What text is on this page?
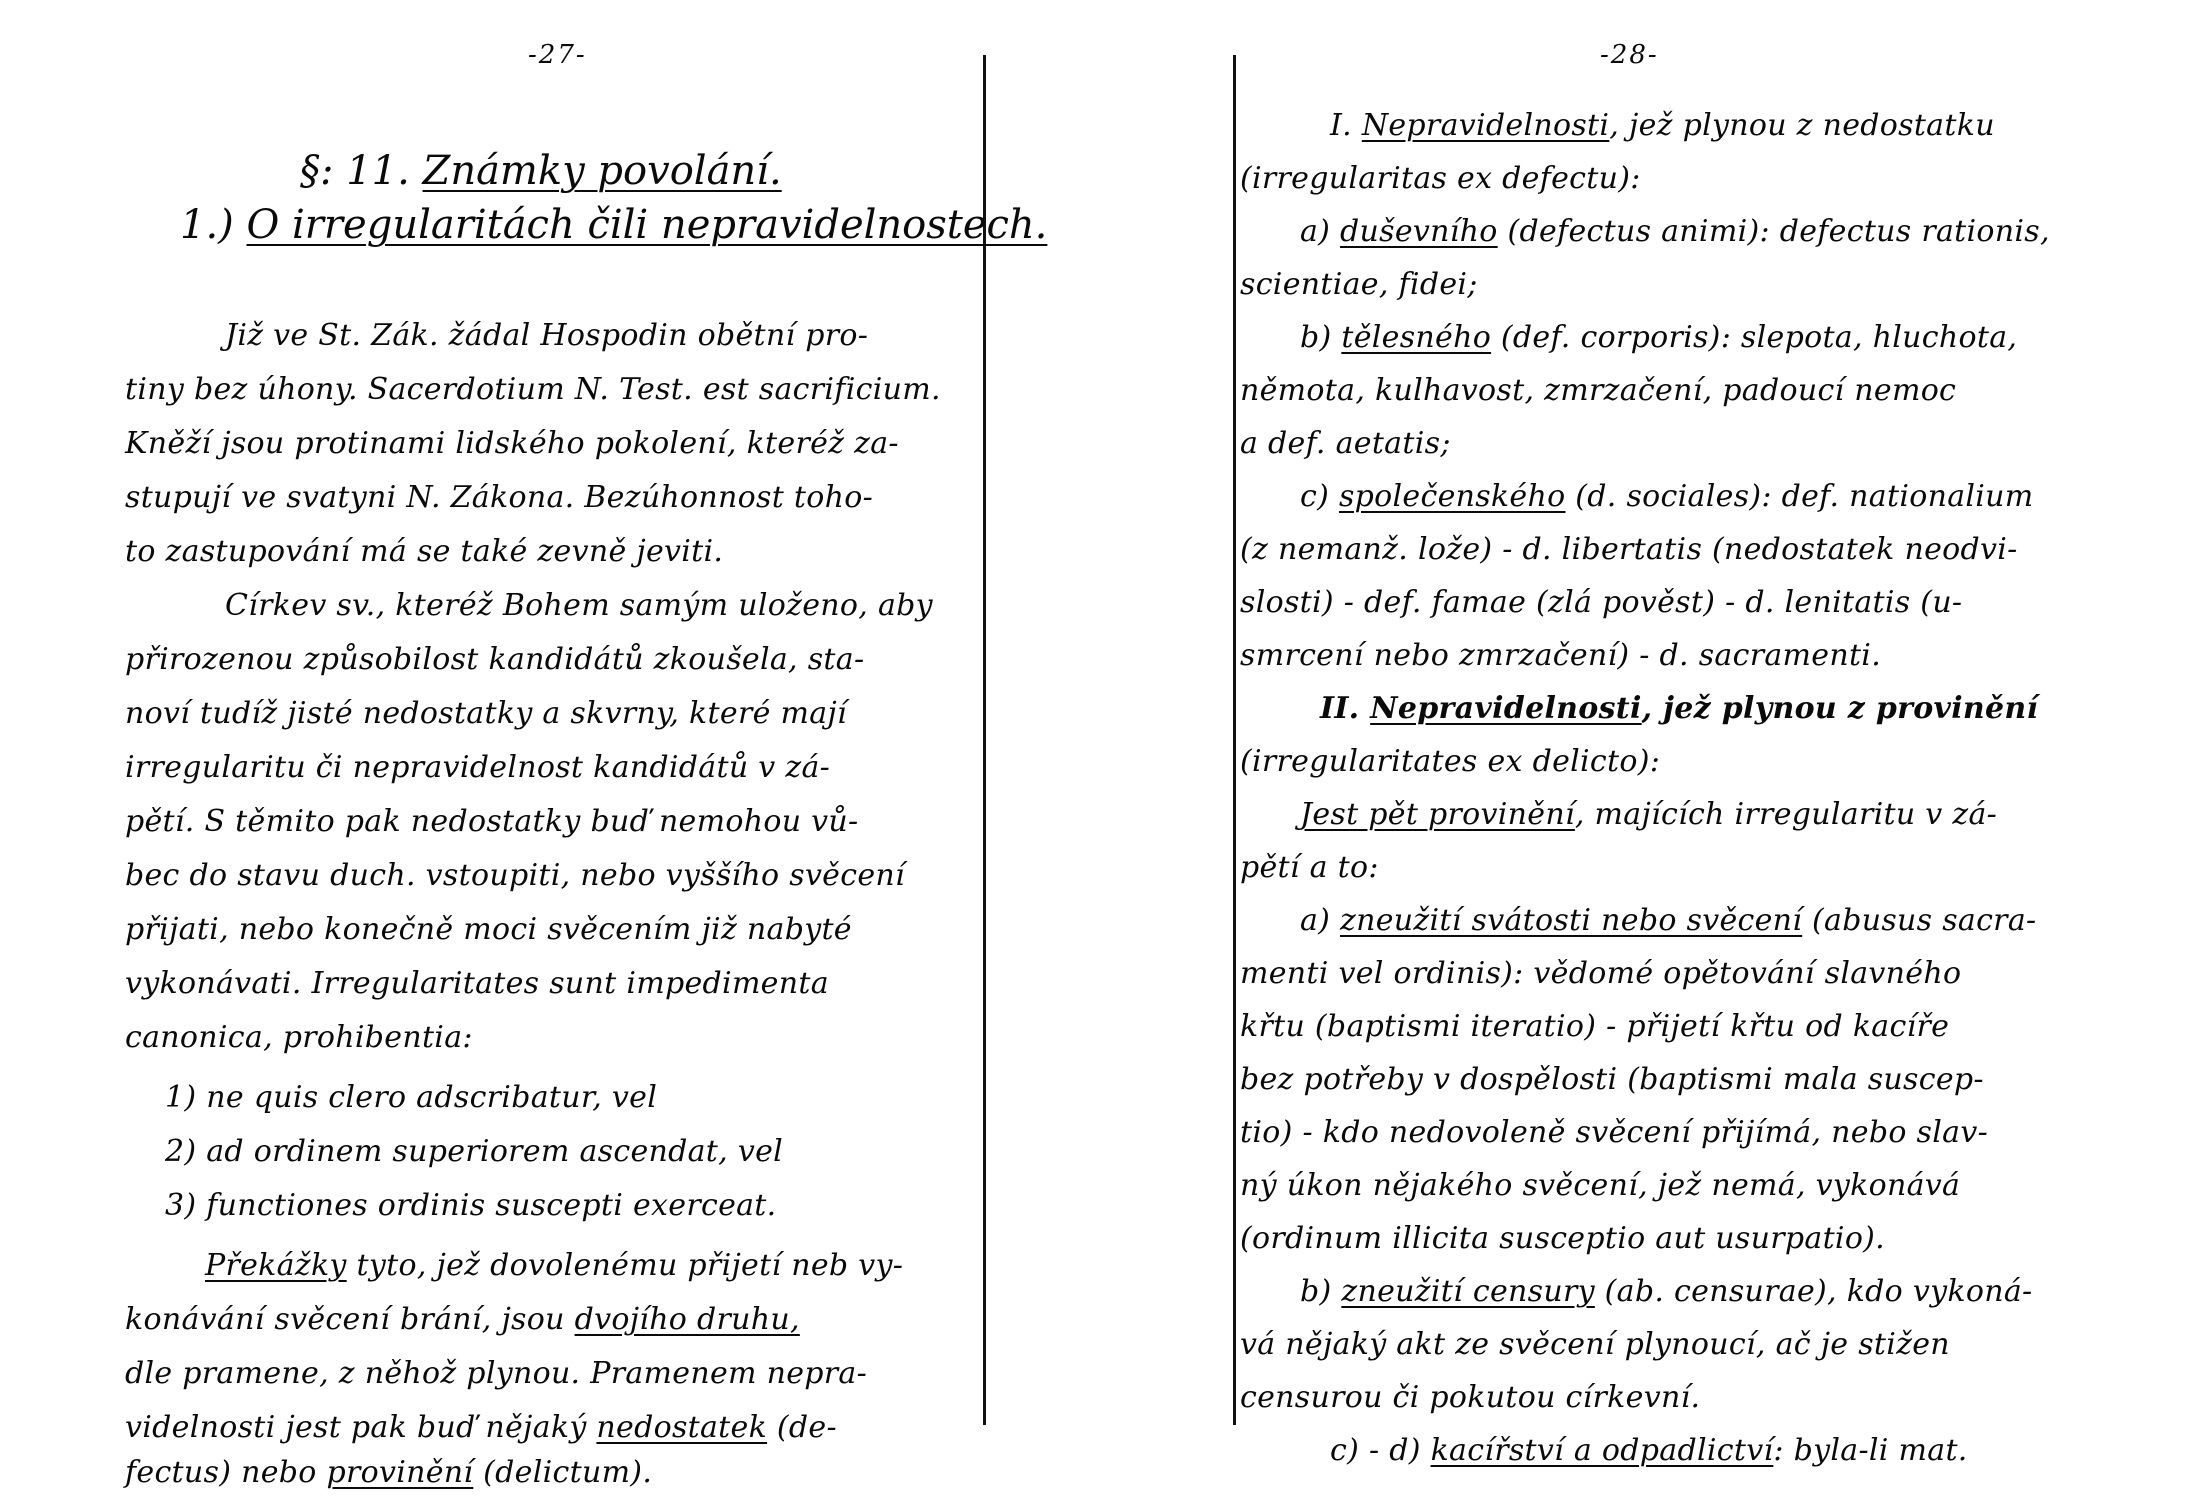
-27-
§: 11. Známky povolání.
1.) O irregularitách čili nepravidelnostech.
Již ve St. Zák. žádal Hospodin obětní pro-
tiny bez úhony. Sacerdotium N. Test. est sacrificium.
Kněží jsou protinami lidského pokolení, kteréž za-
stupují ve svatyni N. Zákona. Bezúhonnost toho-
to zastupování má se také zevně jeviti.
Církev sv., kteréž Bohem samým uloženo, aby
přirozenou způsobilost kandidátů zkoušela, sta-
noví tudíž jisté nedostatky a skvrny, které mají
irregularitu či nepravidelnost kandidátů v zá-
pětí. S těmito pak nedostatky buď nemohou vů-
bec do stavu duch. vstoupiti, nebo vyššího svěcení
přijati, nebo konečně moci svěcením již nabyté
vykonávati. Irregularitates sunt impedimenta
canonica, prohibentia:
1) ne quis clero adscribatur, vel
2) ad ordinem superiorem ascendat, vel
3) functiones ordinis suscepti exerceat.
Překážky tyto, jež dovolenému přijetí neb vy-
konávání svěcení brání, jsou dvojího druhu,
dle pramene, z něhož plynou. Pramenem nepra-
videlnosti jest pak buď nějaký nedostatek (de-
fectus) nebo provinění (delictum).
-28-
I. Nepravidelnosti, jež plynou z nedostatku
(irregularitas ex defectu):
a) duševního (defectus animi): defectus rationis,
scientiae, fidei;
b) tělesného (def. corporis): slepota, hluchota,
němota, kulhavost, zmrzačení, padoucí nemoc
a def. aetatis;
c) společenského (d. sociales): def. nationalium
(z nemanž. lože) - d. libertatis (nedostatek neodvi-
slosti) - def. famae (zlá pověst) - d. lenitatis (u-
smrcení nebo zmrzačení) - d. sacramenti.
II. Nepravidelnosti, jež plynou z provinění
(irregularitates ex delicto):
Jest pět provinění, majících irregularitu v zá-
pětí a to:
a) zneužití svátosti nebo svěcení (abusus sacra-
menti vel ordinis): vědomé opětování slavného
křtu (baptismi iteratio) - přijetí křtu od kacíře
bez potřeby v dospělosti (baptismi mala suscep-
tio) - kdo nedovoleně svěcení přijímá, nebo slav-
ný úkon nějakého svěcení, jež nemá, vykonává
(ordinum illicita susceptio aut usurpatio).
b) zneužití censury (ab. censurae), kdo vykoná-
vá nějaký akt ze svěcení plynoucí, ač je stižen
censurou či pokutou církevní.
c) - d) kacířství a odpadlictví: byla-li mat.
